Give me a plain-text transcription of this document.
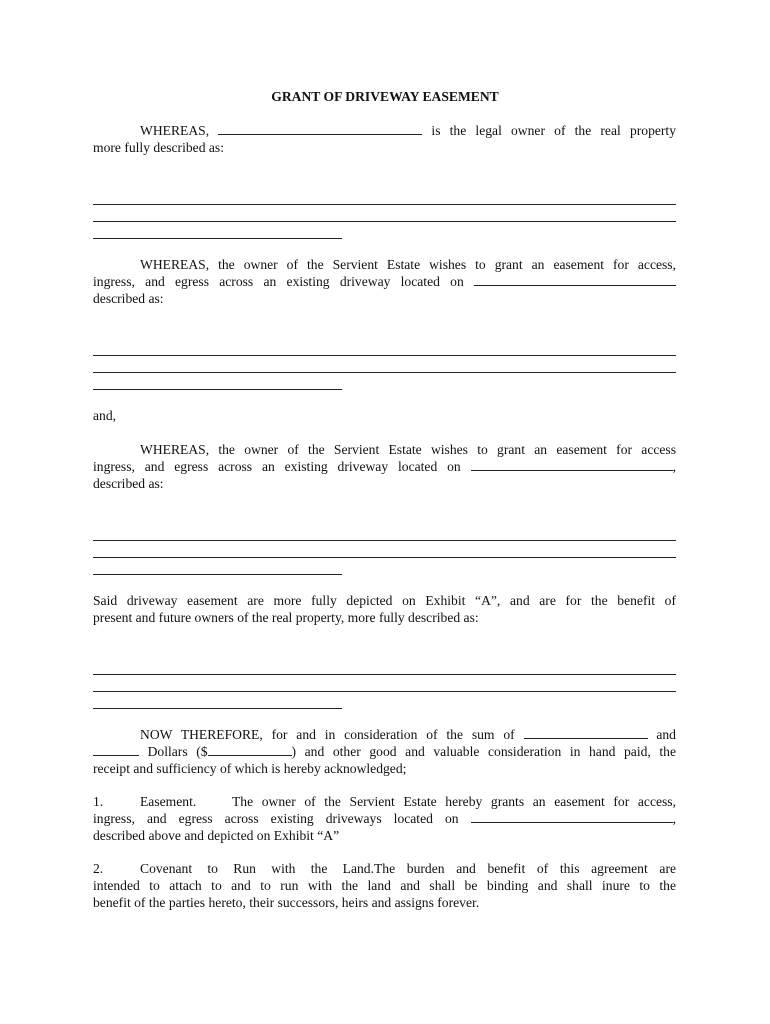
GRANT OF DRIVEWAY EASEMENT

WHEREAS,	is the legal owner of the real property

more fully described as:

WHEREAS, the owner of the Servient Estate wishes to grant an easement for access,

ingress, and egress across an existing driveway located on

described as:

and,

WHEREAS, the owner of the Servient Estate wishes to grant an easement for access

ingress, and egress across an existing driveway located on	,

described as:

Said driveway easement are more fully depicted on Exhibit “A”, and are for the benefit of

present and future owners of the real property, more fully described as:

NOW THEREFORE, for and in consideration of the sum of	and

Dollars ($	) and other good and valuable consideration in hand paid, the

receipt and sufficiency of which is hereby acknowledged;

1.	Easement.	The owner of the Servient Estate hereby grants an easement for access,

ingress, and egress across existing driveways located on	,

described above and depicted on Exhibit “A”

2.	Covenant to Run with the Land.The burden and benefit of this agreement are

intended to attach to and to run with the land and shall be binding and shall inure to the

benefit of the parties hereto, their successors, heirs and assigns forever.
